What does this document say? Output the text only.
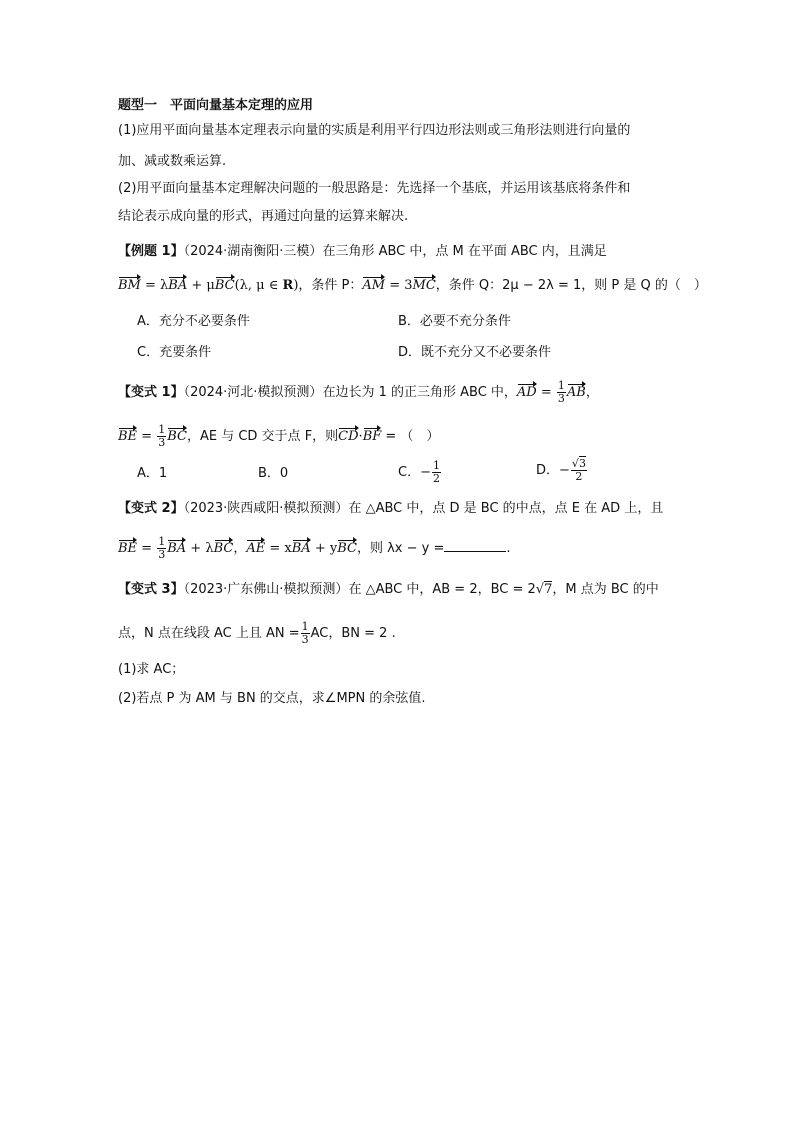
题型一　平面向量基本定理的应用
(1)应用平面向量基本定理表示向量的实质是利用平行四边形法则或三角形法则进行向量的
加、减或数乘运算.
(2)用平面向量基本定理解决问题的一般思路是：先选择一个基底，并运用该基底将条件和
结论表示成向量的形式，再通过向量的运算来解决.
【例题 1】（2024·湖南衡阳·三模）在三角形 ABC 中，点 M 在平面 ABC 内，且满足
BM = λBA + μBC(λ, μ ∈ R)，条件 P：AM = 3MC，条件 Q：2μ − 2λ = 1，则 P 是 Q 的（　）
A．充分不必要条件	B．必要不充分条件
C．充要条件	D．既不充分又不必要条件
【变式 1】（2024·河北·模拟预测）在边长为 1 的正三角形 ABC 中，AD = $\frac{1}{3}$ AB，
BE = $\frac{1}{3}$ BC，AE 与 CD 交于点 F，则CD·BF = （　）
A．1	B．0	C．− $\frac{1}{2}$	D．− $\frac{√3}{2}$
【变式 2】（2023·陕西咸阳·模拟预测）在 △ABC 中，点 D 是 BC 的中点，点 E 在 AD 上，且
BE = $\frac{1}{3}$ BA + λBC，AE = xBA + yBC，则 λx − y =	.
【变式 3】（2023·广东佛山·模拟预测）在 △ABC 中，AB = 2，BC = 2√7，M 点为 BC 的中
点，N 点在线段 AC 上且 AN = $\frac{1}{3}$ AC，BN = 2 .
(1)求 AC；
(2)若点 P 为 AM 与 BN 的交点，求∠MPN 的余弦值.
